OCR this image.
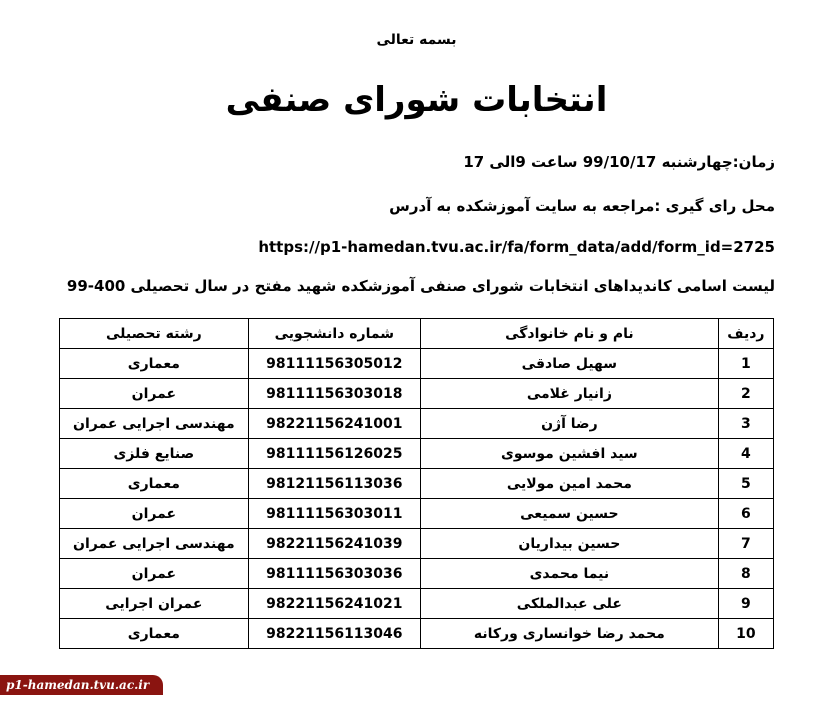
بسمه تعالی
انتخابات شورای صنفی
زمان:چهارشنبه 99/10/17 ساعت 9الی 17
محل رای گیری :مراجعه به سایت آموزشکده به آدرس
https://p1-hamedan.tvu.ac.ir/fa/form_data/add/form_id=2725
لیست اسامی کاندیداهای انتخابات شورای صنفی آموزشکده شهید مفتح در سال تحصیلی 400-99
ردیف	نام و نام خانوادگی	شماره دانشجویی	رشته تحصیلی
1	سهیل صادقی	98111156305012	معماری
2	زانیار غلامی	98111156303018	عمران
3	رضا آژن	98221156241001	مهندسی اجرایی عمران
4	سید افشین موسوی	98111156126025	صنایع فلزی
5	محمد امین مولایی	98121156113036	معماری
6	حسین سمیعی	98111156303011	عمران
7	حسین بیداریان	98221156241039	مهندسی اجرایی عمران
8	نیما محمدی	98111156303036	عمران
9	علی عبدالملکی	98221156241021	عمران اجرایی
10	محمد رضا خوانساری ورکانه	98221156113046	معماری
p1-hamedan.tvu.ac.ir
